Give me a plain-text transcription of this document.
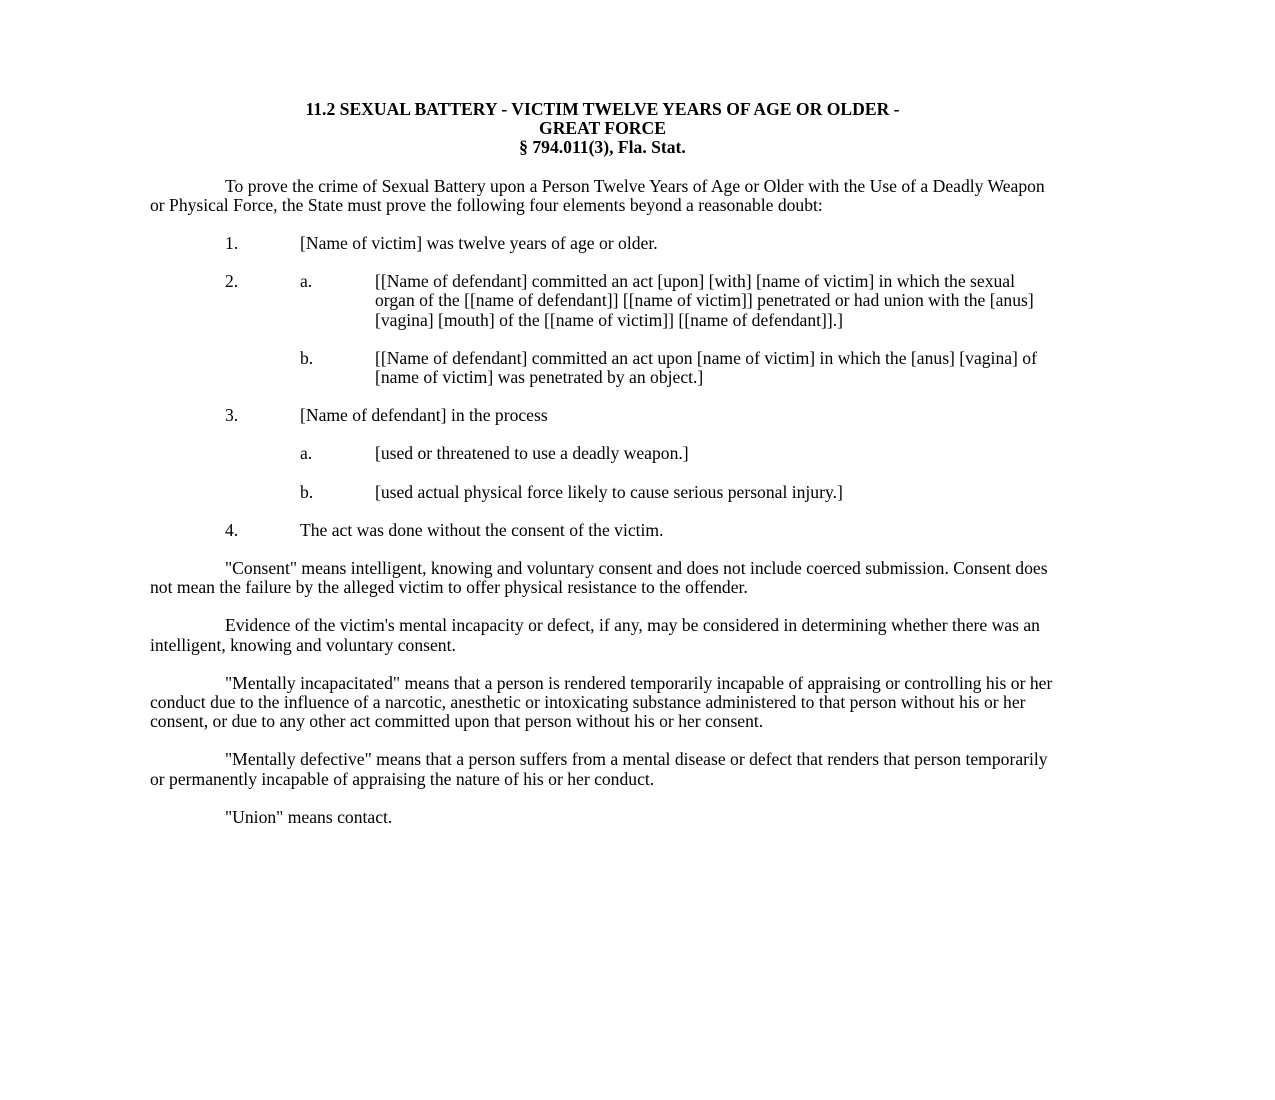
11.2 SEXUAL BATTERY - VICTIM TWELVE YEARS OF AGE OR OLDER -
GREAT FORCE
§ 794.011(3), Fla. Stat.

To prove the crime of Sexual Battery upon a Person Twelve Years of Age or Older with the Use of a Deadly Weapon or Physical Force, the State must prove the following four elements beyond a reasonable doubt:

1.	[Name of victim] was twelve years of age or older.
2.	a.	[[Name of defendant] committed an act [upon] [with] [name of victim] in which the sexual organ of the [[name of defendant]] [[name of victim]] penetrated or had union with the [anus] [vagina] [mouth] of the [[name of victim]] [[name of defendant]].]
b.	[[Name of defendant] committed an act upon [name of victim] in which the [anus] [vagina] of [name of victim] was penetrated by an object.]
3.	[Name of defendant] in the process
a.	[used or threatened to use a deadly weapon.]
b.	[used actual physical force likely to cause serious personal injury.]
4.	The act was done without the consent of the victim.

"Consent" means intelligent, knowing and voluntary consent and does not include coerced submission. Consent does not mean the failure by the alleged victim to offer physical resistance to the offender.

Evidence of the victim's mental incapacity or defect, if any, may be considered in determining whether there was an intelligent, knowing and voluntary consent.

"Mentally incapacitated" means that a person is rendered temporarily incapable of appraising or controlling his or her conduct due to the influence of a narcotic, anesthetic or intoxicating substance administered to that person without his or her consent, or due to any other act committed upon that person without his or her consent.

"Mentally defective" means that a person suffers from a mental disease or defect that renders that person temporarily or permanently incapable of appraising the nature of his or her conduct.

"Union" means contact.
